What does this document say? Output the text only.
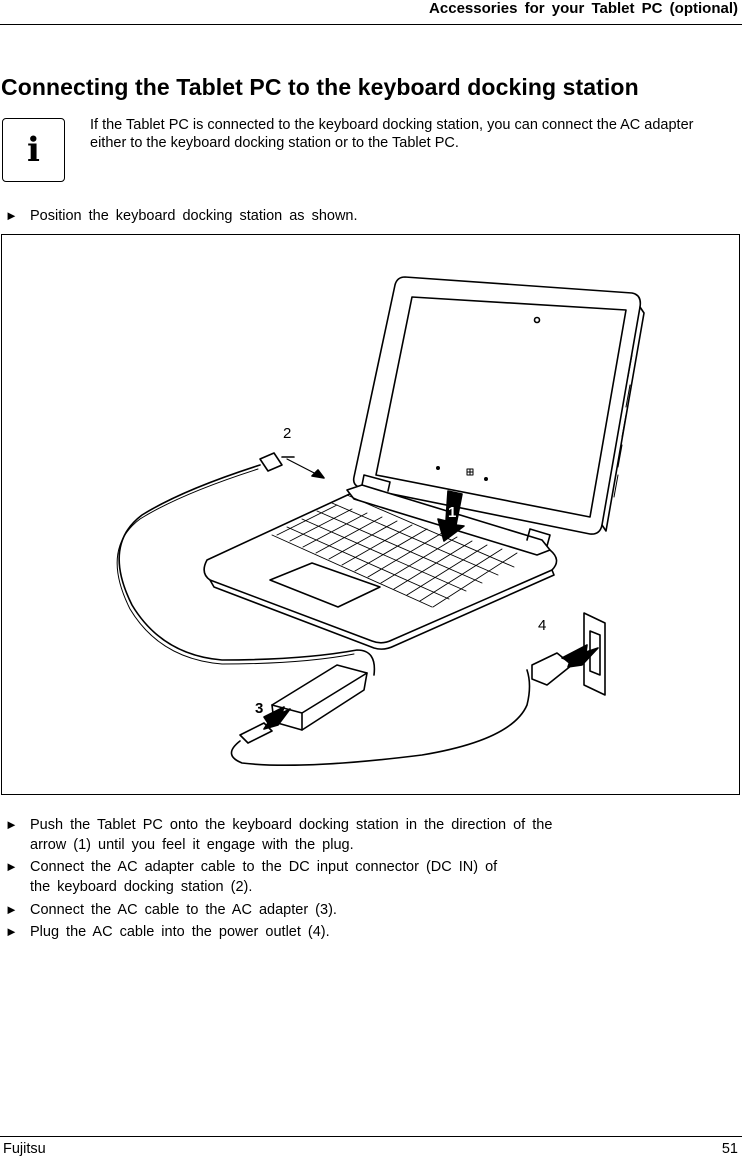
Accessories for your Tablet PC (optional)
Connecting the Tablet PC to the keyboard docking station
i
If the Tablet PC is connected to the keyboard docking station, you can connect the AC adapter either to the keyboard docking station or to the Tablet PC.
► Position the keyboard docking station as shown.
2
4
3
1
► Push the Tablet PC onto the keyboard docking station in the direction of the
arrow (1) until you feel it engage with the plug.
► Connect the AC adapter cable to the DC input connector (DC IN) of
the keyboard docking station (2).
► Connect the AC cable to the AC adapter (3).
► Plug the AC cable into the power outlet (4).
Fujitsu	51
